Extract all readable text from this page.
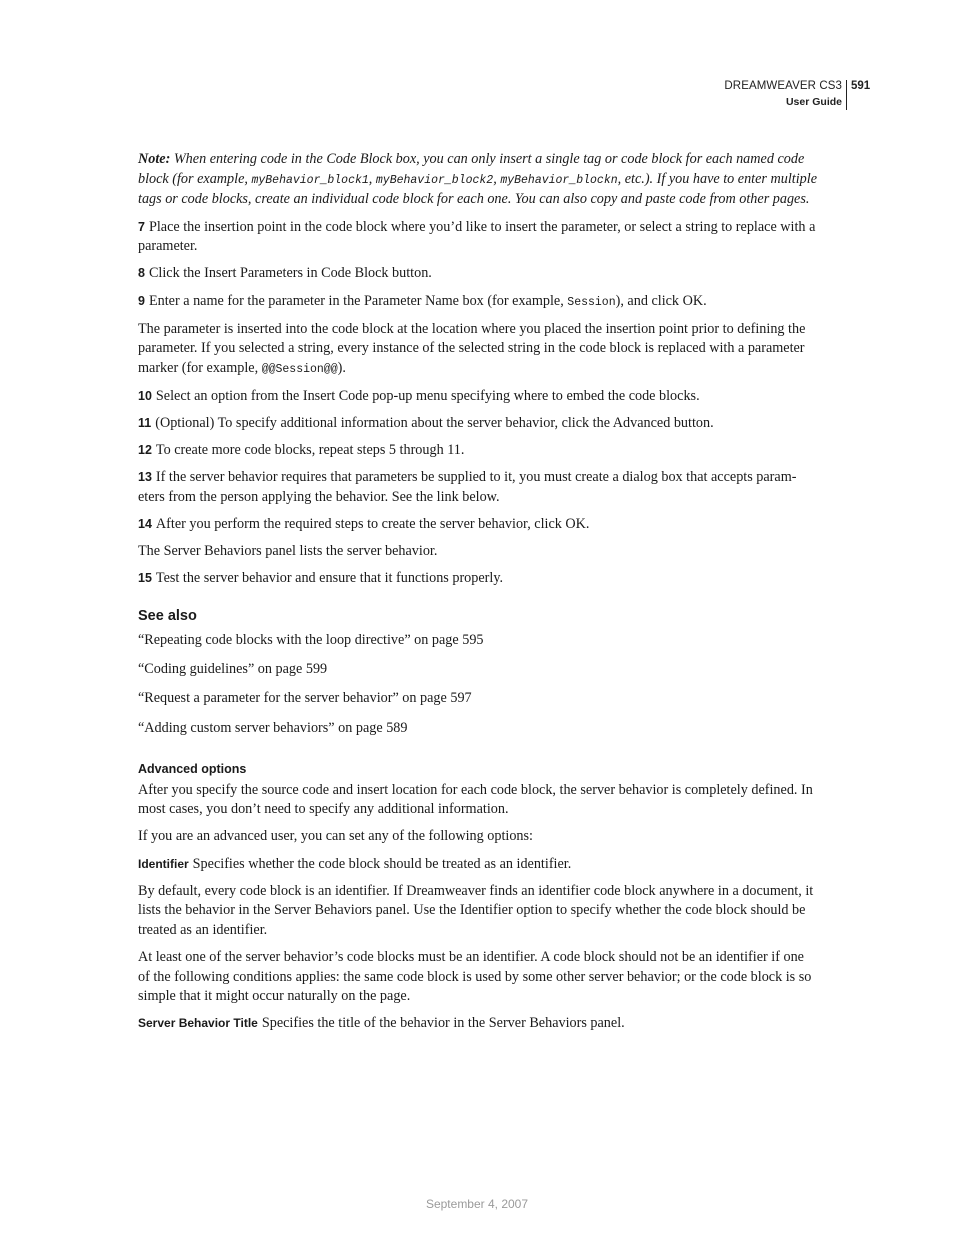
DREAMWEAVER CS3
User Guide
591

Note: When entering code in the Code Block box, you can only insert a single tag or code block for each named code block (for example, myBehavior_block1, myBehavior_block2, myBehavior_blockn, etc.). If you have to enter multiple tags or code blocks, create an individual code block for each one. You can also copy and paste code from other pages.

7 Place the insertion point in the code block where you’d like to insert the parameter, or select a string to replace with a parameter.

8 Click the Insert Parameters in Code Block button.

9 Enter a name for the parameter in the Parameter Name box (for example, Session), and click OK.

The parameter is inserted into the code block at the location where you placed the insertion point prior to defining the parameter. If you selected a string, every instance of the selected string in the code block is replaced with a parameter marker (for example, @@Session@@).

10 Select an option from the Insert Code pop-up menu specifying where to embed the code blocks.

11 (Optional) To specify additional information about the server behavior, click the Advanced button.

12 To create more code blocks, repeat steps 5 through 11.

13 If the server behavior requires that parameters be supplied to it, you must create a dialog box that accepts param-eters from the person applying the behavior. See the link below.

14 After you perform the required steps to create the server behavior, click OK.

The Server Behaviors panel lists the server behavior.

15 Test the server behavior and ensure that it functions properly.

See also

“Repeating code blocks with the loop directive” on page 595

“Coding guidelines” on page 599

“Request a parameter for the server behavior” on page 597

“Adding custom server behaviors” on page 589

Advanced options

After you specify the source code and insert location for each code block, the server behavior is completely defined. In most cases, you don’t need to specify any additional information.

If you are an advanced user, you can set any of the following options:

Identifier Specifies whether the code block should be treated as an identifier.

By default, every code block is an identifier. If Dreamweaver finds an identifier code block anywhere in a document, it lists the behavior in the Server Behaviors panel. Use the Identifier option to specify whether the code block should be treated as an identifier.

At least one of the server behavior’s code blocks must be an identifier. A code block should not be an identifier if one of the following conditions applies: the same code block is used by some other server behavior; or the code block is so simple that it might occur naturally on the page.

Server Behavior Title Specifies the title of the behavior in the Server Behaviors panel.

September 4, 2007
